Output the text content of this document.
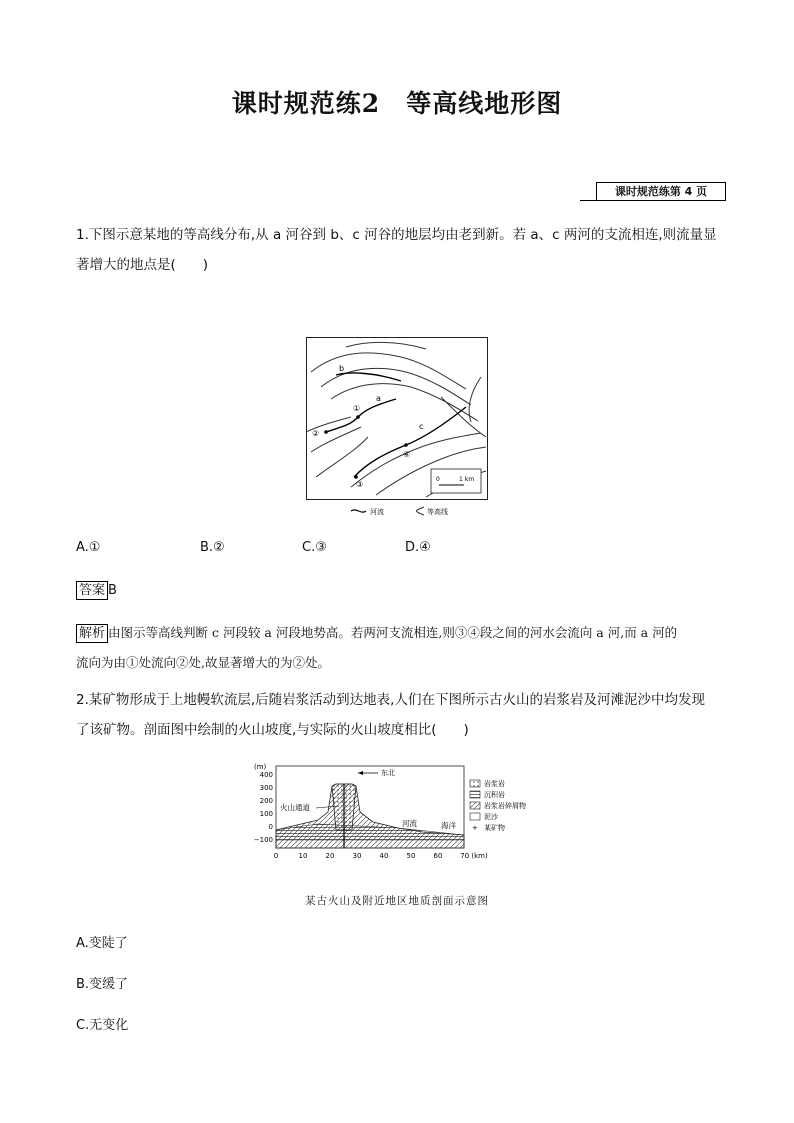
课时规范练2 等高线地形图
课时规范练第 4 页
1.下图示意某地的等高线分布,从 a 河谷到 b、c 河谷的地层均由老到新。若 a、c 两河的支流相连,则流量显
著增大的地点是(　　)
b
a
c
①
②
③
④
0	1 km
河流	等高线
A.①	B.②	C.③	D.④
答案 B
解析 由图示等高线判断 c 河段较 a 河段地势高。若两河支流相连,则③④段之间的河水会流向 a 河,而 a 河的
流向为由①处流向②处,故显著增大的为②处。
2.某矿物形成于上地幔软流层,后随岩浆活动到达地表,人们在下图所示古火山的岩浆岩及河滩泥沙中均发现
了该矿物。剖面图中绘制的火山坡度,与实际的火山坡度相比(　　)
(m)
400
300
200
100
0
−100
0	10	20	30	40	50	60	70 (km)
东北
火山通道
河流	海洋
岩浆岩
沉积岩
岩浆岩碎屑物
泥沙
+ 某矿物
某古火山及附近地区地质剖面示意图
A.变陡了
B.变缓了
C.无变化
